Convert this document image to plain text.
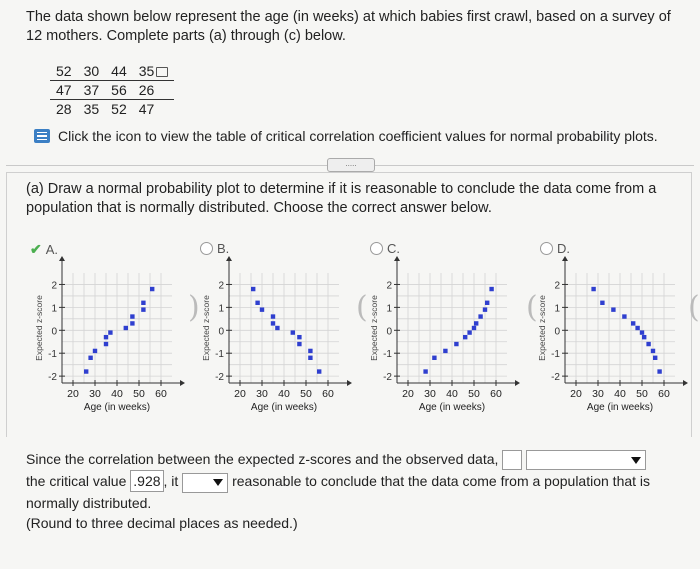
The data shown below represent the age (in weeks) at which babies first crawl, based on a survey of 12 mothers. Complete parts (a) through (c) below.
52	30	44	35
47	37	56	26
28	35	52	47
Click the icon to view the table of critical correlation coefficient values for normal probability plots.
.....
(a) Draw a normal probability plot to determine if it is reasonable to conclude the data come from a population that is normally distributed. Choose the correct answer below.
✔ A.	B.	C.	D.
2
1
0
-1
-2
20 30 40 50 60
Age (in weeks)
Expected z-score
2
1
0
-1
-2
20 30 40 50 60
Age (in weeks)
Expected z-score
2
1
0
-1
-2
20 30 40 50 60
Age (in weeks)
Expected z-score
2
1
0
-1
-2
20 30 40 50 60
Age (in weeks)
Expected z-score
)	(	(	(
Since the correlation between the expected z-scores and the observed data,

the critical value .928 , it	reasonable to conclude that the data come from a population that is normally distributed.
(Round to three decimal places as needed.)
